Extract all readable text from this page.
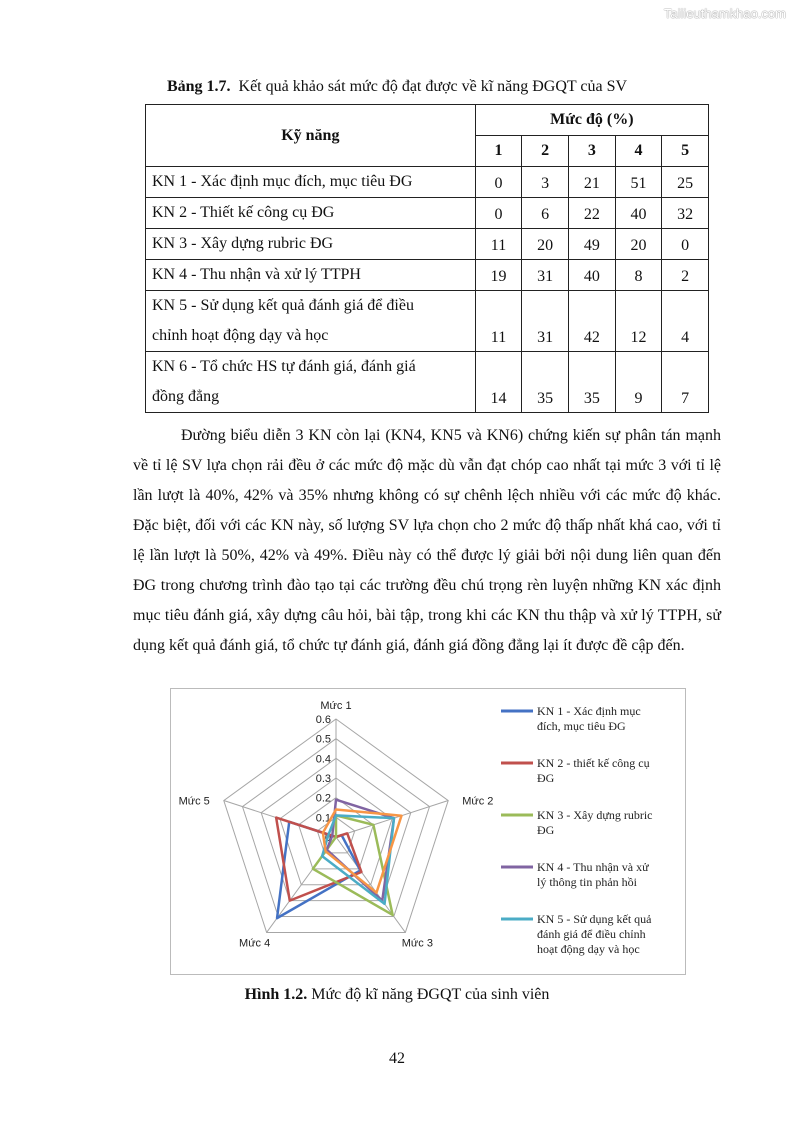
Tailieuthamkhao.com
Bảng 1.7. Kết quả khảo sát mức độ đạt được về kĩ năng ĐGQT của SV
Kỹ năng	Mức độ (%)				
	1	2	3	4	5

KN 1 - Xác định mục đích, mục tiêu ĐG	0	3	21	51	25

KN 2 - Thiết kế công cụ ĐG	0	6	22	40	32

KN 3 - Xây dựng rubric ĐG	11	20	49	20	0

KN 4 - Thu nhận và xử lý TTPH	19	31	40	8	2

KN 5 - Sử dụng kết quả đánh giá để điều
chỉnh hoạt động dạy và học	11	31	42	12	4

KN 6 - Tổ chức HS tự đánh giá, đánh giá
đồng đẳng	14	35	35	9	7

Đường biểu diễn 3 KN còn lại (KN4, KN5 và KN6) chứng kiến sự phân tán mạnh về tỉ lệ SV lựa chọn rải đều ở các mức độ mặc dù vẫn đạt chóp cao nhất tại mức 3 với tỉ lệ lần lượt là 40%, 42% và 35% nhưng không có sự chênh lệch nhiều với các mức độ khác. Đặc biệt, đối với các KN này, số lượng SV lựa chọn cho 2 mức độ thấp nhất khá cao, với tỉ lệ lần lượt là 50%, 42% và 49%. Điều này có thể được lý giải bởi nội dung liên quan đến ĐG trong chương trình đào tạo tại các trường đều chú trọng rèn luyện những KN xác định mục tiêu đánh giá, xây dựng câu hỏi, bài tập, trong khi các KN thu thập và xử lý TTPH, sử dụng kết quả đánh giá, tổ chức tự đánh giá, đánh giá đồng đẳng lại ít được đề cập đến.

0
0.1
0.2
0.3
0.4
0.5
0.6
Mức 1
Mức 2
Mức 3
Mức 4
Mức 5
KN 1 - Xác định mục
đích, mục tiêu ĐG
KN 2 - thiết kế công cụ
ĐG
KN 3 - Xây dựng rubric
ĐG
KN 4 - Thu nhận và xử
lý thông tin phản hồi
KN 5 - Sử dụng kết quả
đánh giá để điều chỉnh
hoạt động dạy và học
Hình 1.2. Mức độ kĩ năng ĐGQT của sinh viên
42
